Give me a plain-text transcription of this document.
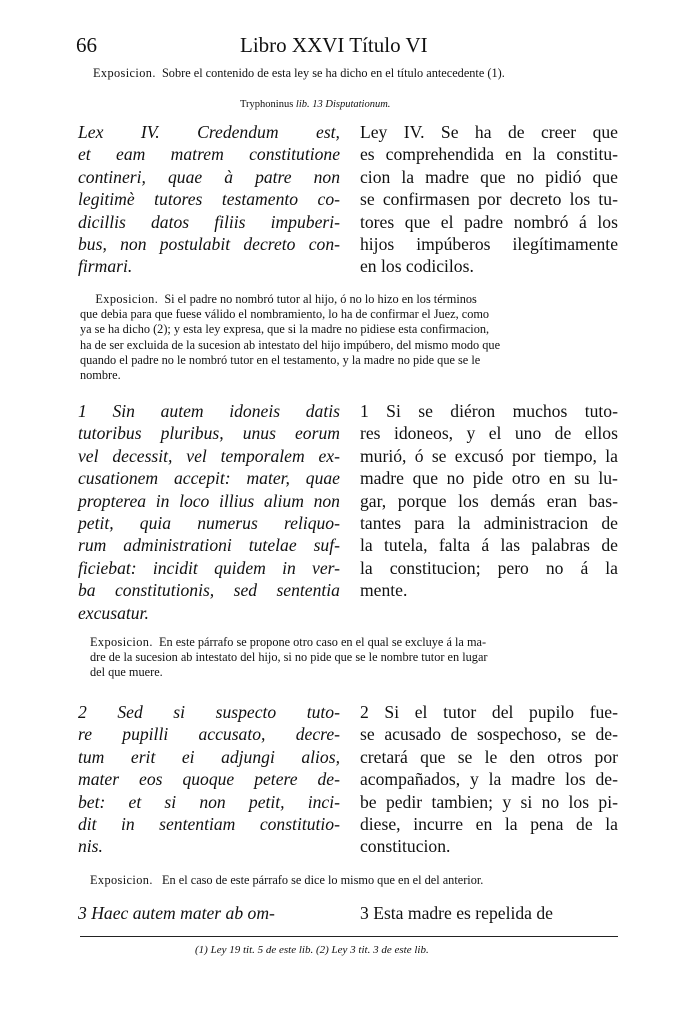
66	Libro XXVI Título VI
Exposicion. Sobre el contenido de esta ley se ha dicho en el título antecedente (1).
Tryphoninus lib. 13 Disputationum.
Lex IV. Credendum est,
et eam matrem constitutione
contineri, quae à patre non
legitimè tutores testamento co-
dicillis datos filiis impuberi-
bus, non postulabit decreto con-
firmari.
Ley IV. Se ha de creer que
es comprehendida en la constitu-
cion la madre que no pidió que
se confirmasen por decreto los tu-
tores que el padre nombró á los
hijos impúberos ilegítimamente
en los codicilos.
Exposicion. Si el padre no nombró tutor al hijo, ó no lo hizo en los términos
que debia para que fuese válido el nombramiento, lo ha de confirmar el Juez, como
ya se ha dicho (2); y esta ley expresa, que si la madre no pidiese esta confirmacion,
ha de ser excluida de la sucesion ab intestato del hijo impúbero, del mismo modo que
quando el padre no le nombró tutor en el testamento, y la madre no pide que se le
nombre.
1 Sin autem idoneis datis
tutoribus pluribus, unus eorum
vel decessit, vel temporalem ex-
cusationem accepit: mater, quae
propterea in loco illius alium non
petit, quia numerus reliquo-
rum administrationi tutelae suf-
ficiebat: incidit quidem in ver-
ba constitutionis, sed sententia
excusatur.
1 Si se diéron muchos tuto-
res idoneos, y el uno de ellos
murió, ó se excusó por tiempo, la
madre que no pide otro en su lu-
gar, porque los demás eran bas-
tantes para la administracion de
la tutela, falta á las palabras de
la constitucion; pero no á la
mente.
Exposicion. En este párrafo se propone otro caso en el qual se excluye á la ma-
dre de la sucesion ab intestato del hijo, si no pide que se le nombre tutor en lugar
del que muere.
2 Sed si suspecto tuto-
re pupilli accusato, decre-
tum erit ei adjungi alios,
mater eos quoque petere de-
bet: et si non petit, inci-
dit in sententiam constitutio-
nis.
2 Si el tutor del pupilo fue-
se acusado de sospechoso, se de-
cretará que se le den otros por
acompañados, y la madre los de-
be pedir tambien; y si no los pi-
diese, incurre en la pena de la
constitucion.
Exposicion. En el caso de este párrafo se dice lo mismo que en el del anterior.
3 Haec autem mater ab om-	3 Esta madre es repelida de
(1) Ley 19 tit. 5 de este lib. (2) Ley 3 tit. 3 de este lib.
